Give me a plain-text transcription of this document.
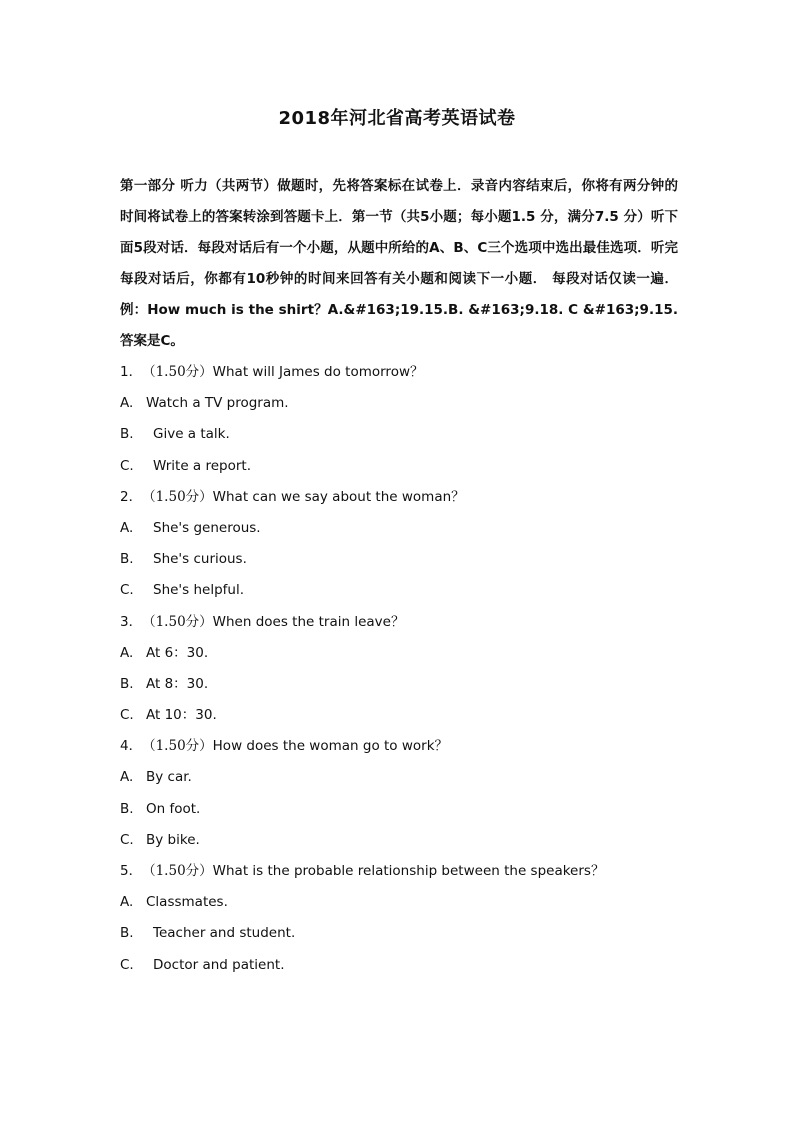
2018年河北省高考英语试卷
第一部分 听力（共两节）做题时，先将答案标在试卷上．录音内容结束后，你将有两分钟的时间将试卷上的答案转涂到答题卡上．第一节（共5小题；每小题1.5 分，满分7.5 分）听下面5段对话．每段对话后有一个小题，从题中所给的A、B、C三个选项中选出最佳选项．听完每段对话后，你都有10秒钟的时间来回答有关小题和阅读下一小题． 每段对话仅读一遍．例：How much is the shirt？A.&#163;19.15.B. &#163;9.18. C &#163;9.15.答案是C。
1．（1.50分）What will James do tomorrow？
A. Watch a TV program.
B. Give a talk.
C. Write a report.
2．（1.50分）What can we say about the woman？
A. She's generous.
B. She's curious.
C. She's helpful.
3．（1.50分）When does the train leave？
A. At 6：30.
B. At 8：30.
C. At 10：30.
4．（1.50分）How does the woman go to work？
A. By car.
B. On foot.
C. By bike.
5．（1.50分）What is the probable relationship between the speakers？
A. Classmates.
B. Teacher and student.
C. Doctor and patient.
